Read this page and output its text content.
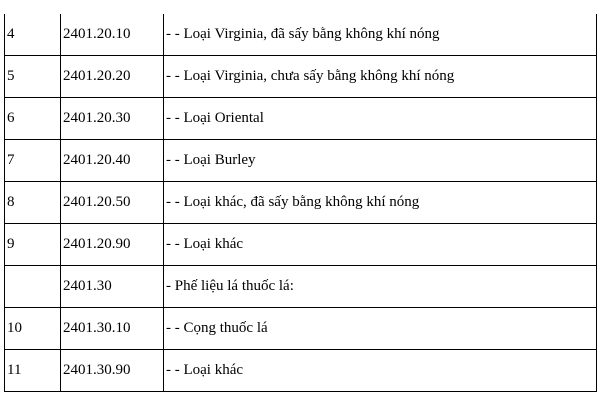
4	2401.20.10	- - Loại Virginia, đã sấy bằng không khí nóng
5	2401.20.20	- - Loại Virginia, chưa sấy bằng không khí nóng
6	2401.20.30	- - Loại Oriental
7	2401.20.40	- - Loại Burley
8	2401.20.50	- - Loại khác, đã sấy bằng không khí nóng
9	2401.20.90	- - Loại khác
	2401.30	- Phế liệu lá thuốc lá:
10	2401.30.10	- - Cọng thuốc lá
11	2401.30.90	- - Loại khác
